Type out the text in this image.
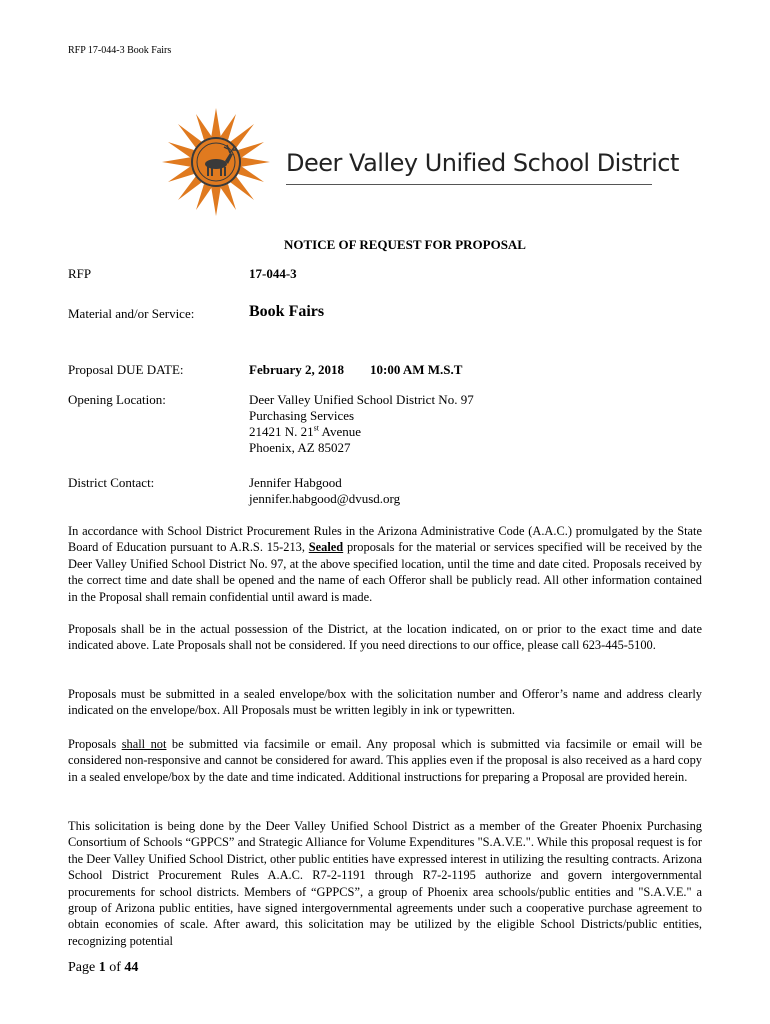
RFP 17-044-3 Book Fairs
Deer Valley Unified School District
NOTICE OF REQUEST FOR PROPOSAL
RFP	17-044-3
Material and/or Service:	Book Fairs
Proposal DUE DATE:	February 2, 2018 10:00 AM M.S.T
Opening Location:	Deer Valley Unified School District No. 97
Purchasing Services
21421 N. 21st Avenue
Phoenix, AZ 85027
District Contact:	Jennifer Habgood
jennifer.habgood@dvusd.org
In accordance with School District Procurement Rules in the Arizona Administrative Code (A.A.C.) promulgated by the State Board of Education pursuant to A.R.S. 15-213, Sealed proposals for the material or services specified will be received by the Deer Valley Unified School District No. 97, at the above specified location, until the time and date cited. Proposals received by the correct time and date shall be opened and the name of each Offeror shall be publicly read. All other information contained in the Proposal shall remain confidential until award is made.
Proposals shall be in the actual possession of the District, at the location indicated, on or prior to the exact time and date indicated above. Late Proposals shall not be considered. If you need directions to our office, please call 623-445-5100.
Proposals must be submitted in a sealed envelope/box with the solicitation number and Offeror’s name and address clearly indicated on the envelope/box. All Proposals must be written legibly in ink or typewritten.
Proposals shall not be submitted via facsimile or email. Any proposal which is submitted via facsimile or email will be considered non-responsive and cannot be considered for award. This applies even if the proposal is also received as a hard copy in a sealed envelope/box by the date and time indicated. Additional instructions for preparing a Proposal are provided herein.
This solicitation is being done by the Deer Valley Unified School District as a member of the Greater Phoenix Purchasing Consortium of Schools “GPPCS” and Strategic Alliance for Volume Expenditures "S.A.V.E.". While this proposal request is for the Deer Valley Unified School District, other public entities have expressed interest in utilizing the resulting contracts. Arizona School District Procurement Rules A.A.C. R7-2-1191 through R7-2-1195 authorize and govern intergovernmental procurements for school districts. Members of “GPPCS”, a group of Phoenix area schools/public entities and "S.A.V.E." a group of Arizona public entities, have signed intergovernmental agreements under such a cooperative purchase agreement to obtain economies of scale. After award, this solicitation may be utilized by the eligible School Districts/public entities, recognizing potential
Page 1 of 44
